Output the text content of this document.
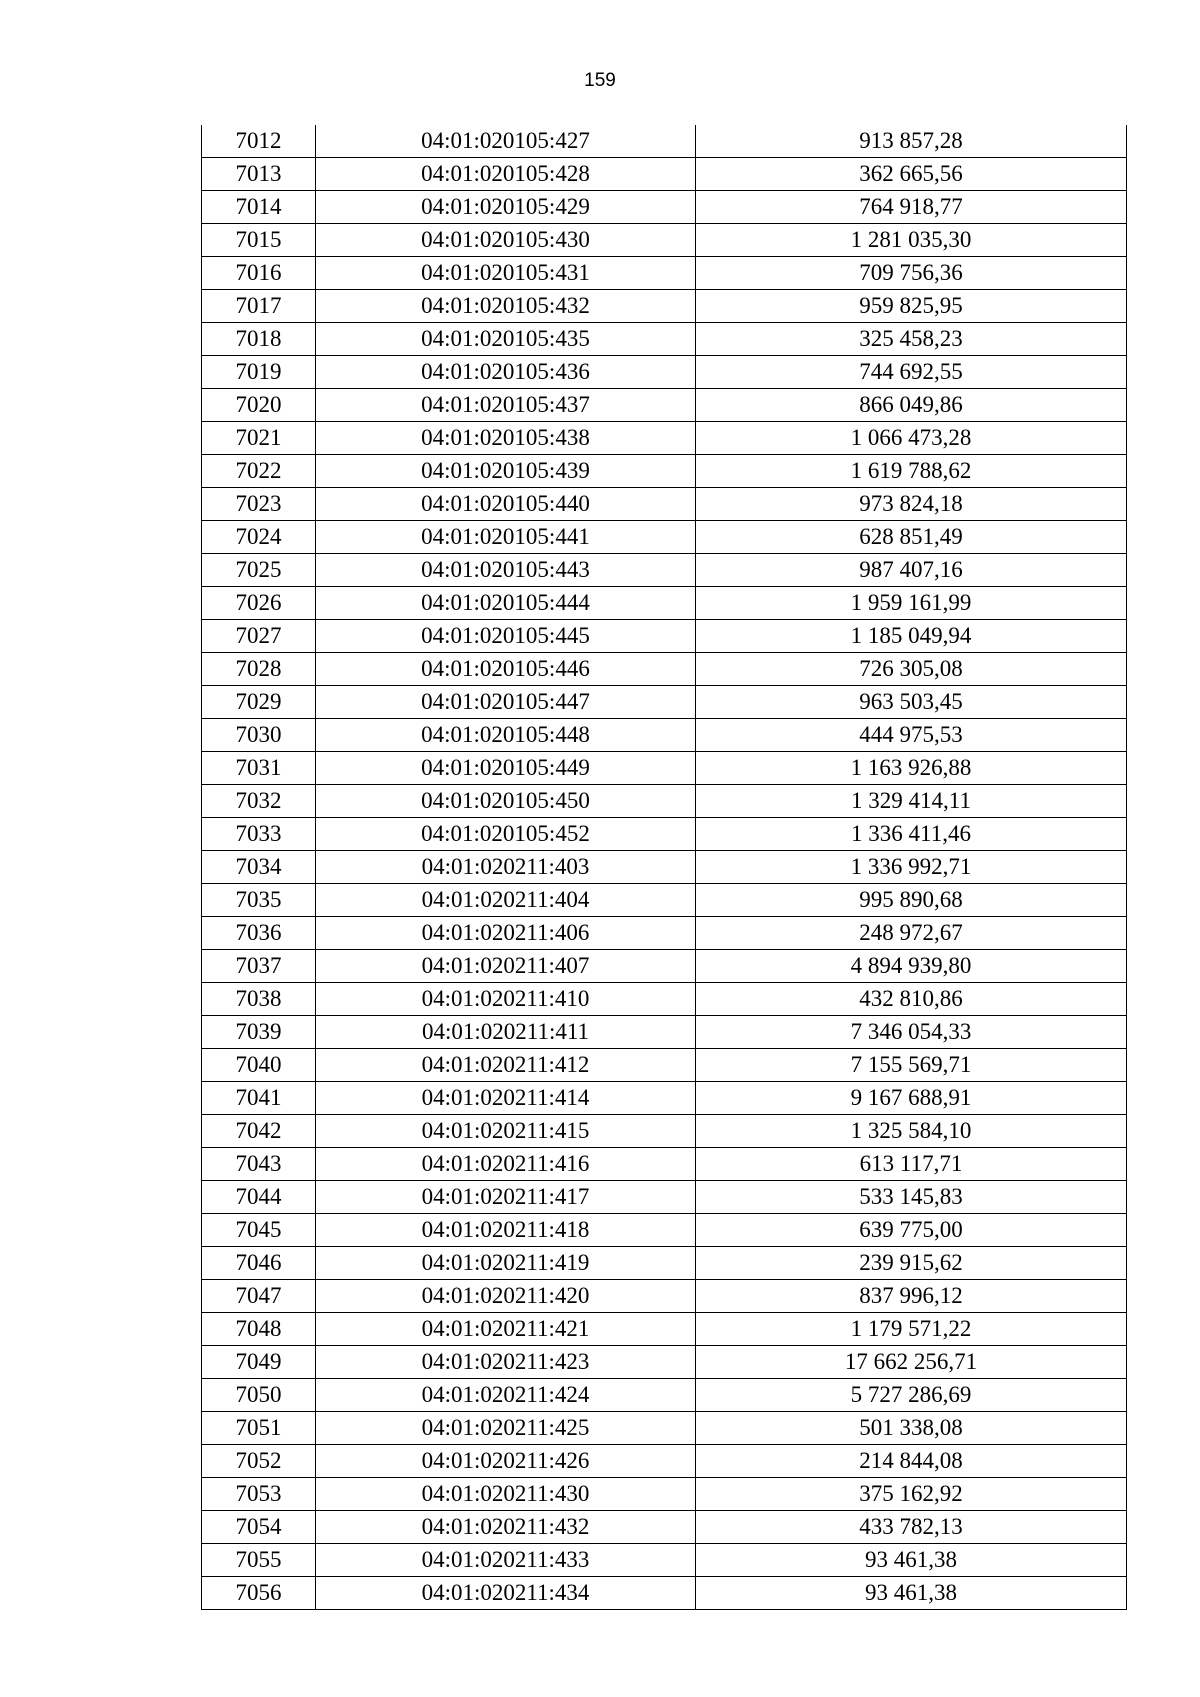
159
7012	04:01:020105:427	913 857,28
7013	04:01:020105:428	362 665,56
7014	04:01:020105:429	764 918,77
7015	04:01:020105:430	1 281 035,30
7016	04:01:020105:431	709 756,36
7017	04:01:020105:432	959 825,95
7018	04:01:020105:435	325 458,23
7019	04:01:020105:436	744 692,55
7020	04:01:020105:437	866 049,86
7021	04:01:020105:438	1 066 473,28
7022	04:01:020105:439	1 619 788,62
7023	04:01:020105:440	973 824,18
7024	04:01:020105:441	628 851,49
7025	04:01:020105:443	987 407,16
7026	04:01:020105:444	1 959 161,99
7027	04:01:020105:445	1 185 049,94
7028	04:01:020105:446	726 305,08
7029	04:01:020105:447	963 503,45
7030	04:01:020105:448	444 975,53
7031	04:01:020105:449	1 163 926,88
7032	04:01:020105:450	1 329 414,11
7033	04:01:020105:452	1 336 411,46
7034	04:01:020211:403	1 336 992,71
7035	04:01:020211:404	995 890,68
7036	04:01:020211:406	248 972,67
7037	04:01:020211:407	4 894 939,80
7038	04:01:020211:410	432 810,86
7039	04:01:020211:411	7 346 054,33
7040	04:01:020211:412	7 155 569,71
7041	04:01:020211:414	9 167 688,91
7042	04:01:020211:415	1 325 584,10
7043	04:01:020211:416	613 117,71
7044	04:01:020211:417	533 145,83
7045	04:01:020211:418	639 775,00
7046	04:01:020211:419	239 915,62
7047	04:01:020211:420	837 996,12
7048	04:01:020211:421	1 179 571,22
7049	04:01:020211:423	17 662 256,71
7050	04:01:020211:424	5 727 286,69
7051	04:01:020211:425	501 338,08
7052	04:01:020211:426	214 844,08
7053	04:01:020211:430	375 162,92
7054	04:01:020211:432	433 782,13
7055	04:01:020211:433	93 461,38
7056	04:01:020211:434	93 461,38
